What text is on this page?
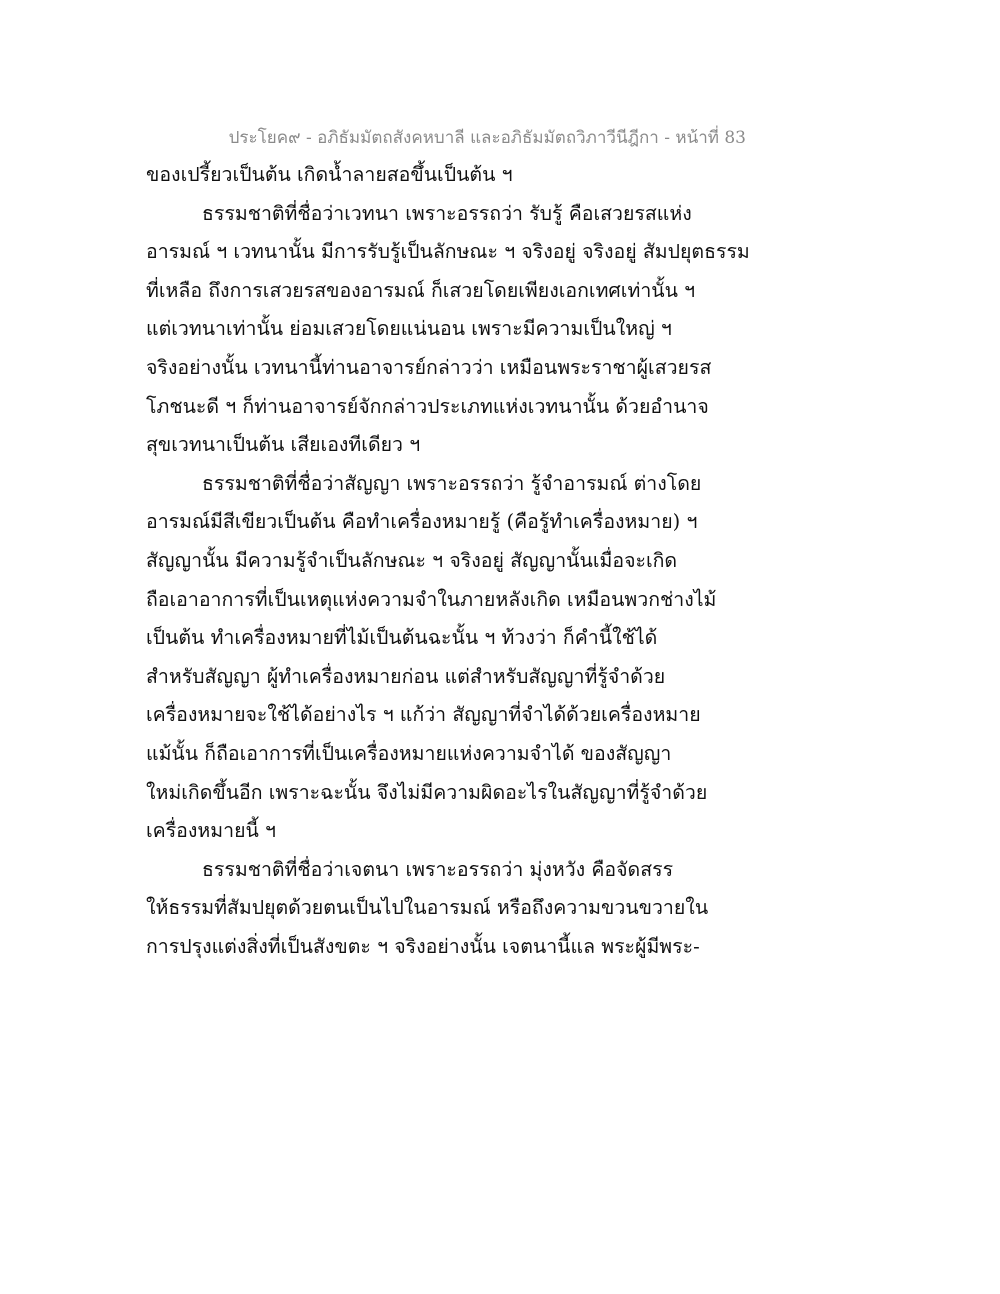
ประโยค๙ - อภิธัมมัตถสังคหบาลี และอภิธัมมัตถวิภาวีนีฎีกา - หน้าที่ 83
ของเปรี้ยวเป็นต้น เกิดน้ำลายสอขึ้นเป็นต้น ฯ
ธรรมชาติที่ชื่อว่าเวทนา เพราะอรรถว่า รับรู้ คือเสวยรสแห่ง
อารมณ์ ฯ เวทนานั้น มีการรับรู้เป็นลักษณะ ฯ จริงอยู่ จริงอยู่ สัมปยุตธรรม
ที่เหลือ ถึงการเสวยรสของอารมณ์ ก็เสวยโดยเพียงเอกเทศเท่านั้น ฯ
แต่เวทนาเท่านั้น ย่อมเสวยโดยแน่นอน เพราะมีความเป็นใหญ่ ฯ
จริงอย่างนั้น เวทนานี้ท่านอาจารย์กล่าวว่า เหมือนพระราชาผู้เสวยรส
โภชนะดี ฯ ก็ท่านอาจารย์จักกล่าวประเภทแห่งเวทนานั้น ด้วยอำนาจ
สุขเวทนาเป็นต้น เสียเองทีเดียว ฯ
ธรรมชาติที่ชื่อว่าสัญญา เพราะอรรถว่า รู้จำอารมณ์ ต่างโดย
อารมณ์มีสีเขียวเป็นต้น คือทำเครื่องหมายรู้ (คือรู้ทำเครื่องหมาย) ฯ
สัญญานั้น มีความรู้จำเป็นลักษณะ ฯ จริงอยู่ สัญญานั้นเมื่อจะเกิด
ถือเอาอาการที่เป็นเหตุแห่งความจำในภายหลังเกิด เหมือนพวกช่างไม้
เป็นต้น ทำเครื่องหมายที่ไม้เป็นต้นฉะนั้น ฯ ท้วงว่า ก็คำนี้ใช้ได้
สำหรับสัญญา ผู้ทำเครื่องหมายก่อน แต่สำหรับสัญญาที่รู้จำด้วย
เครื่องหมายจะใช้ได้อย่างไร ฯ แก้ว่า สัญญาที่จำได้ด้วยเครื่องหมาย
แม้นั้น ก็ถือเอาการที่เป็นเครื่องหมายแห่งความจำได้ ของสัญญา
ใหม่เกิดขึ้นอีก เพราะฉะนั้น จึงไม่มีความผิดอะไรในสัญญาที่รู้จำด้วย
เครื่องหมายนี้ ฯ
ธรรมชาติที่ชื่อว่าเจตนา เพราะอรรถว่า มุ่งหวัง คือจัดสรร
ให้ธรรมที่สัมปยุตด้วยตนเป็นไปในอารมณ์ หรือถึงความขวนขวายใน
การปรุงแต่งสิ่งที่เป็นสังขตะ ฯ จริงอย่างนั้น เจตนานี้แล พระผู้มีพระ-
